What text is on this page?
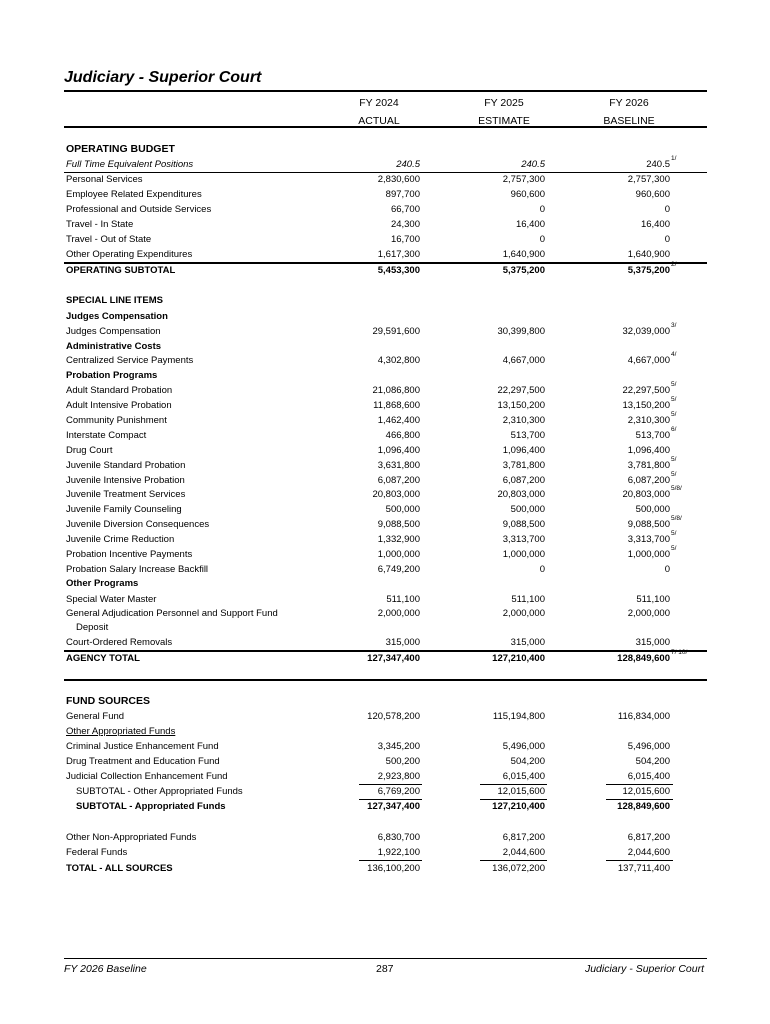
Judiciary - Superior Court
FY 2024
ACTUAL
FY 2025
ESTIMATE
FY 2026
BASELINE
OPERATING BUDGET
Full Time Equivalent Positions	240.5	240.5	240.5
1/
Personal Services	2,830,600	2,757,300	2,757,300
Employee Related Expenditures	897,700	960,600	960,600
Professional and Outside Services	66,700	0	0
Travel - In State	24,300	16,400	16,400
Travel - Out of State	16,700	0	0
Other Operating Expenditures	1,617,300	1,640,900	1,640,900
OPERATING SUBTOTAL	5,453,300	5,375,200	5,375,200
2/
SPECIAL LINE ITEMS
Judges Compensation
Judges Compensation	29,591,600	30,399,800	32,039,000
3/
Administrative Costs
Centralized Service Payments	4,302,800	4,667,000	4,667,000
4/
Probation Programs
Adult Standard Probation	21,086,800	22,297,500	22,297,500
5/
Adult Intensive Probation	11,868,600	13,150,200	13,150,200
5/
Community Punishment	1,462,400	2,310,300	2,310,300
5/
Interstate Compact	466,800	513,700	513,700
6/
Drug Court	1,096,400	1,096,400	1,096,400
Juvenile Standard Probation	3,631,800	3,781,800	3,781,800
5/
Juvenile Intensive Probation	6,087,200	6,087,200	6,087,200
5/
Juvenile Treatment Services	20,803,000	20,803,000	20,803,000
5/8/
Juvenile Family Counseling	500,000	500,000	500,000
Juvenile Diversion Consequences	9,088,500	9,088,500	9,088,500
5/8/
Juvenile Crime Reduction	1,332,900	3,313,700	3,313,700
5/
Probation Incentive Payments	1,000,000	1,000,000	1,000,000
5/
Probation Salary Increase Backfill	6,749,200	0	0
Other Programs
Special Water Master	511,100	511,100	511,100
General Adjudication Personnel and Support Fund	2,000,000	2,000,000	2,000,000
Deposit
Court-Ordered Removals	315,000	315,000	315,000
AGENCY TOTAL	127,347,400	127,210,400	128,849,600
7/ 10/
FUND SOURCES
General Fund	120,578,200	115,194,800	116,834,000
Other Appropriated Funds
Criminal Justice Enhancement Fund	3,345,200	5,496,000	5,496,000
Drug Treatment and Education Fund	500,200	504,200	504,200
Judicial Collection Enhancement Fund	2,923,800	6,015,400	6,015,400
SUBTOTAL - Other Appropriated Funds	6,769,200	12,015,600	12,015,600
SUBTOTAL - Appropriated Funds	127,347,400	127,210,400	128,849,600
Other Non-Appropriated Funds	6,830,700	6,817,200	6,817,200
Federal Funds	1,922,100	2,044,600	2,044,600
TOTAL - ALL SOURCES	136,100,200	136,072,200	137,711,400
FY 2026 Baseline	287	Judiciary - Superior Court
